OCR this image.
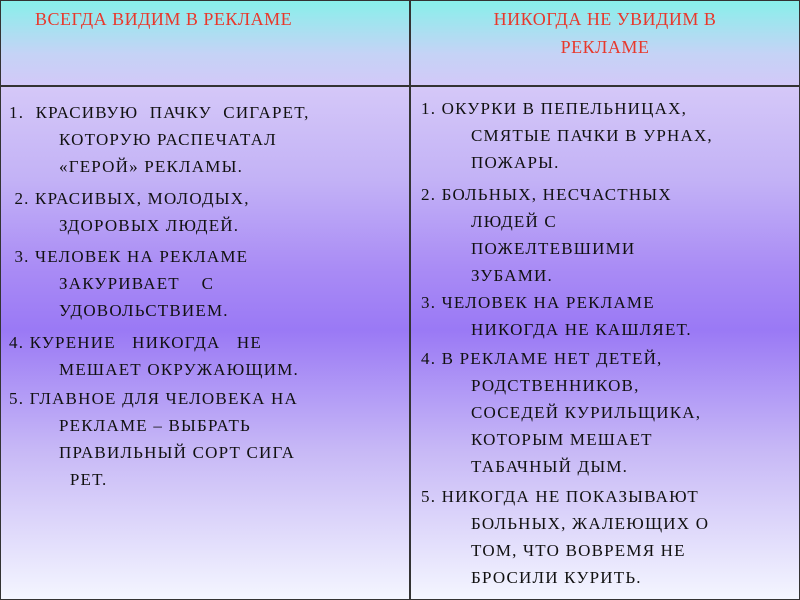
ВСЕГДА ВИДИМ В РЕКЛАМЕ	НИКОГДА НЕ УВИДИМ В
РЕКЛАМЕ
1. КРАСИВУЮ ПАЧКУ СИГАРЕТ,
КОТОРУЮ РАСПЕЧАТАЛ
«ГЕРОЙ» РЕКЛАМЫ.
2. КРАСИВЫХ, МОЛОДЫХ,
ЗДОРОВЫХ ЛЮДЕЙ.
3. ЧЕЛОВЕК НА РЕКЛАМЕ
ЗАКУРИВАЕТ    С
УДОВОЛЬСТВИЕМ.
4. КУРЕНИЕ   НИКОГДА   НЕ
МЕШАЕТ ОКРУЖАЮЩИМ.
5. ГЛАВНОЕ ДЛЯ ЧЕЛОВЕКА НА
РЕКЛАМЕ – ВЫБРАТЬ
ПРАВИЛЬНЫЙ СОРТ СИГА
РЕТ.
1. ОКУРКИ В ПЕПЕЛЬНИЦАХ,
СМЯТЫЕ ПАЧКИ В УРНАХ,
ПОЖАРЫ.
2. БОЛЬНЫХ, НЕСЧАСТНЫХ
ЛЮДЕЙ С
ПОЖЕЛТЕВШИМИ
ЗУБАМИ.
3. ЧЕЛОВЕК НА РЕКЛАМЕ
НИКОГДА НЕ КАШЛЯЕТ.
4. В РЕКЛАМЕ НЕТ ДЕТЕЙ,
РОДСТВЕННИКОВ,
СОСЕДЕЙ КУРИЛЬЩИКА,
КОТОРЫМ МЕШАЕТ
ТАБАЧНЫЙ ДЫМ.
5. НИКОГДА НЕ ПОКАЗЫВАЮТ
БОЛЬНЫХ, ЖАЛЕЮЩИХ О
ТОМ, ЧТО ВОВРЕМЯ НЕ
БРОСИЛИ КУРИТЬ.
